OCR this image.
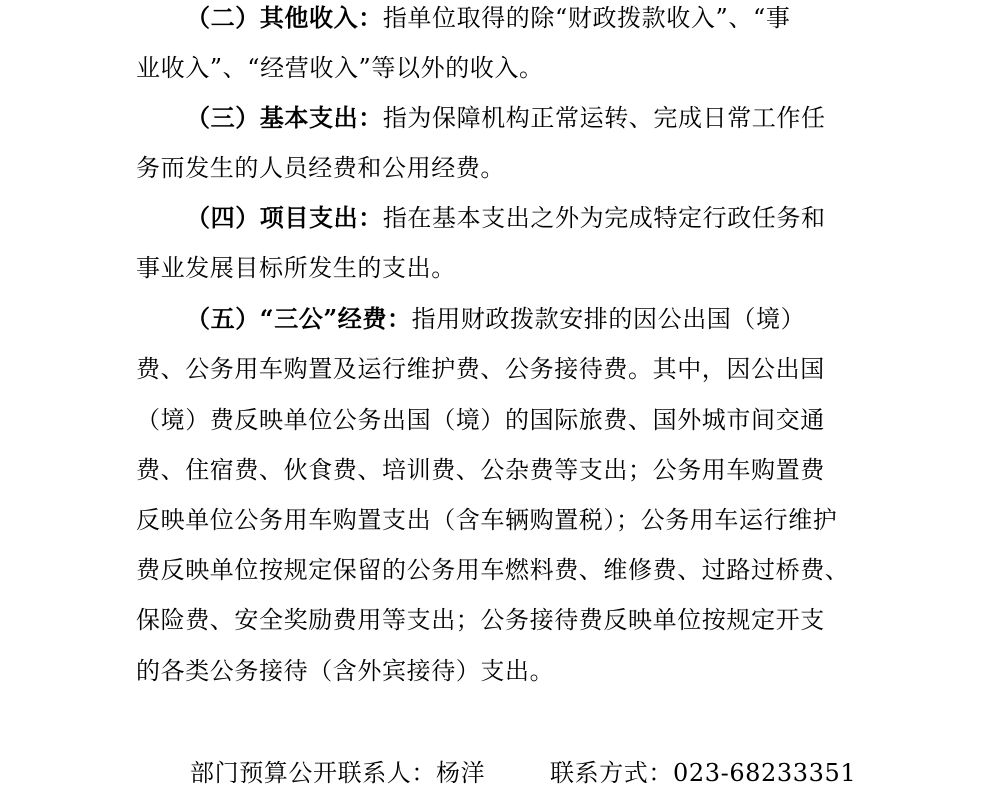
（二）其他收入：指单位取得的除“财政拨款收入”、“事
业收入”、“经营收入”等以外的收入。
（三）基本支出：指为保障机构正常运转、完成日常工作任
务而发生的人员经费和公用经费。
（四）项目支出：指在基本支出之外为完成特定行政任务和
事业发展目标所发生的支出。
（五）“三公”经费：指用财政拨款安排的因公出国（境）
费、公务用车购置及运行维护费、公务接待费。其中，因公出国
（境）费反映单位公务出国（境）的国际旅费、国外城市间交通
费、住宿费、伙食费、培训费、公杂费等支出；公务用车购置费
反映单位公务用车购置支出（含车辆购置税）；公务用车运行维护
费反映单位按规定保留的公务用车燃料费、维修费、过路过桥费、
保险费、安全奖励费用等支出；公务接待费反映单位按规定开支
的各类公务接待（含外宾接待）支出。
部门预算公开联系人：杨洋	联系方式：023-68233351
